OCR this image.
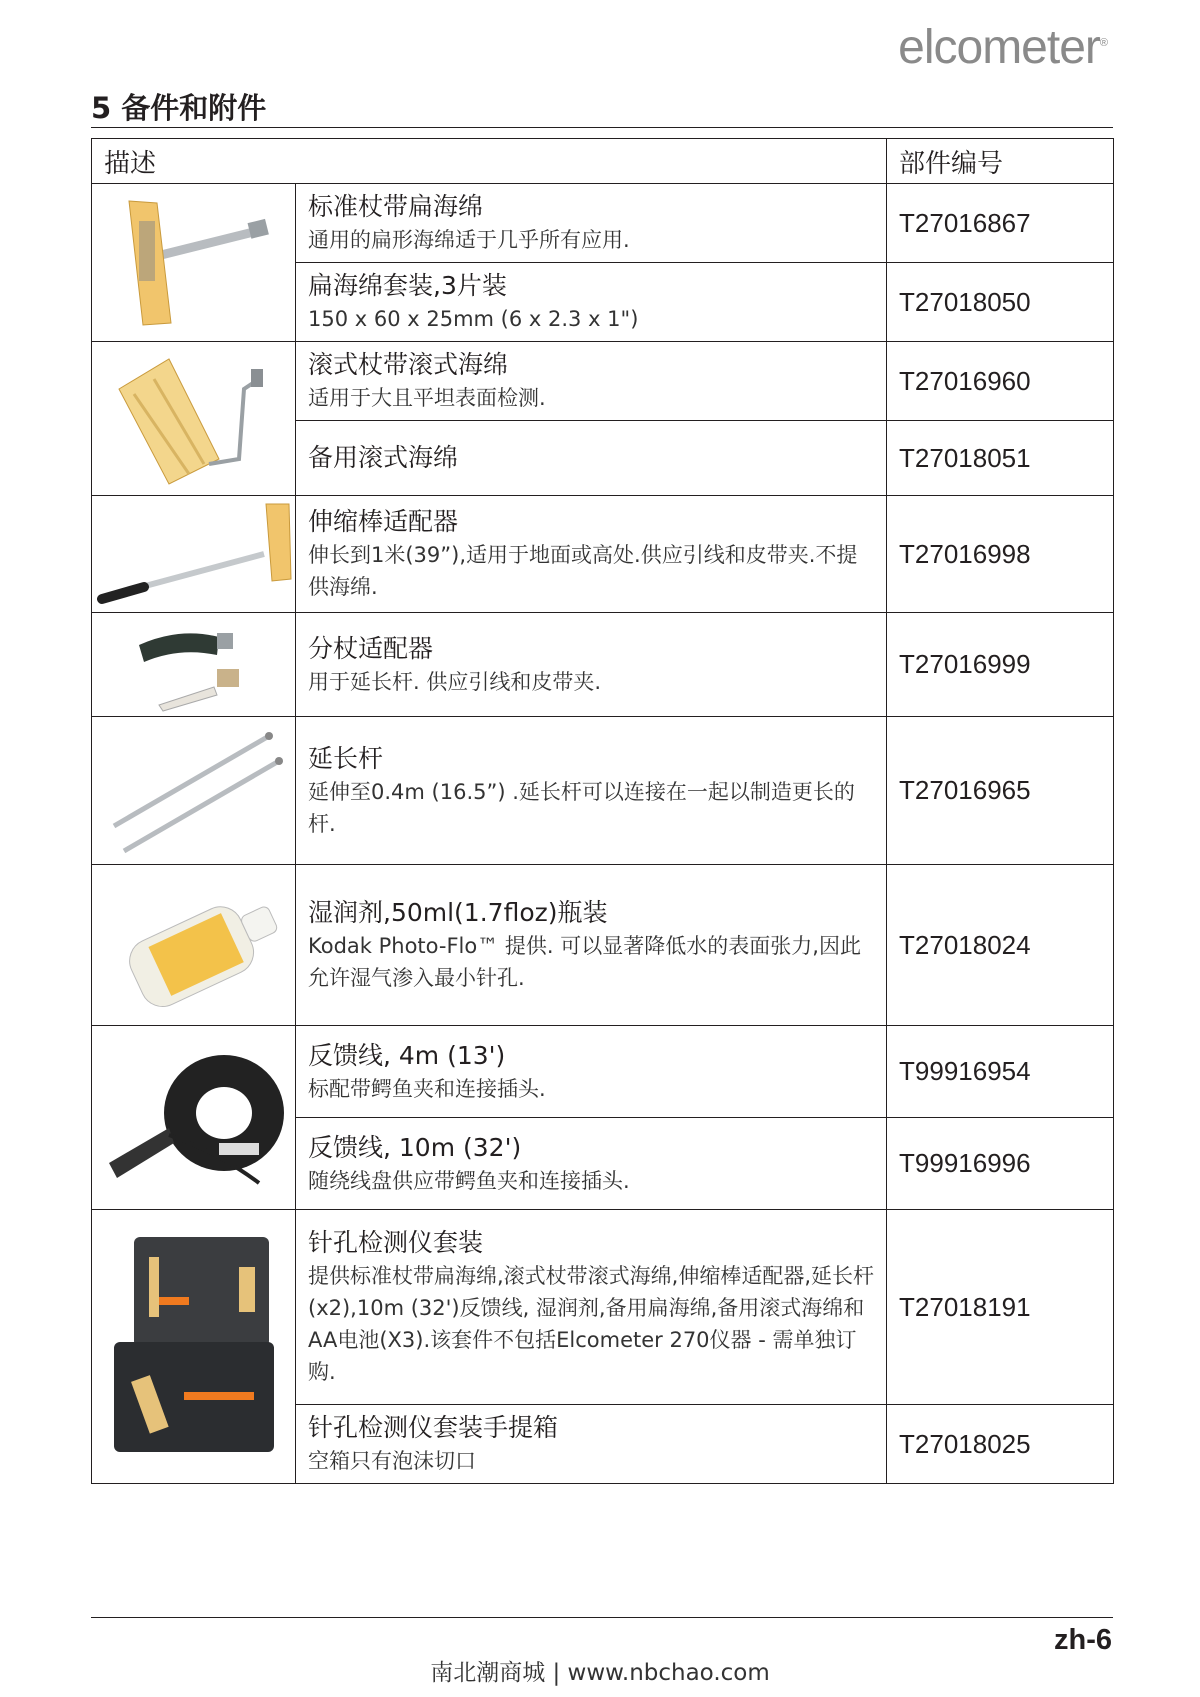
elcometer®
5 备件和附件
描述		部件编号

标准杖带扁海绵
通用的扁形海绵适于几乎所有应用.	T27016867

	扁海绵套装,3片装
150 x 60 x 25mm (6 x 2.3 x 1")	T27018050

滚式杖带滚式海绵
适用于大且平坦表面检测.	T27016960

	备用滚式海绵	T27018051

伸缩棒适配器
伸长到1米(39”),适用于地面或高处.供应引线和皮带夹.不提供海绵.	T27016998

分杖适配器
用于延长杆. 供应引线和皮带夹.	T27016999

延长杆
延伸至0.4m (16.5”) .延长杆可以连接在一起以制造更长的杆.	T27016965

湿润剂,50ml(1.7floz)瓶装
Kodak Photo-Flo™ 提供. 可以显著降低水的表面张力,因此允许湿气渗入最小针孔.	T27018024

反馈线, 4m (13')
标配带鳄鱼夹和连接插头.	T99916954

	反馈线, 10m (32')
随绕线盘供应带鳄鱼夹和连接插头.	T99916996

针孔检测仪套装
提供标准杖带扁海绵,滚式杖带滚式海绵,伸缩棒适配器,延长杆(x2),10m (32')反馈线, 湿润剂,备用扁海绵,备用滚式海绵和AA电池(X3).该套件不包括Elcometer 270仪器 - 需单独订购.	T27018191

	针孔检测仪套装手提箱
空箱只有泡沫切口	T27018025
zh-6
南北潮商城 | www.nbchao.com
